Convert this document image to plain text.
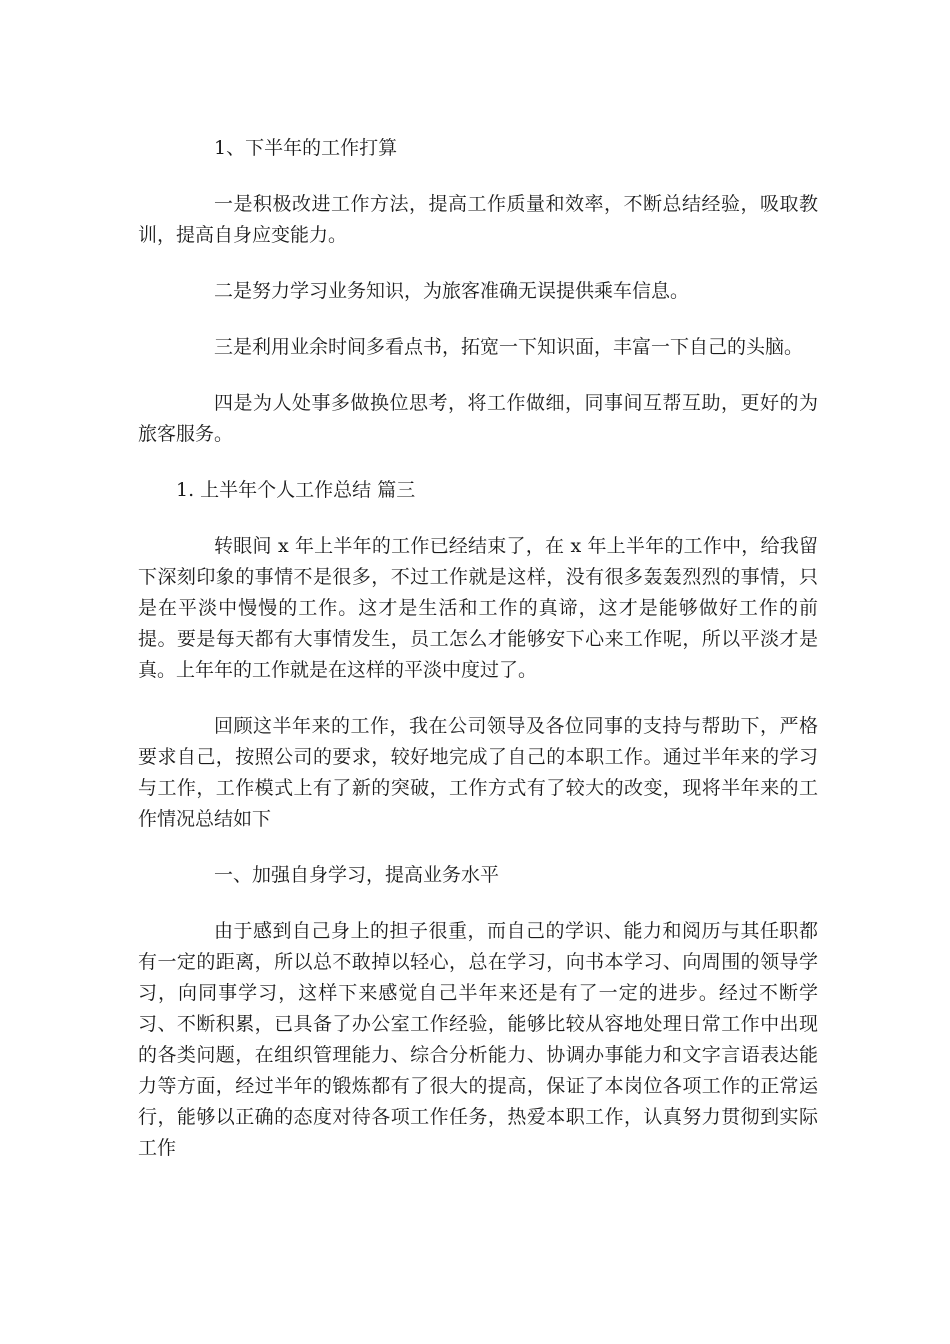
1、下半年的工作打算

一是积极改进工作方法，提高工作质量和效率，不断总结经验，吸取教训，提高自身应变能力。

二是努力学习业务知识，为旅客准确无误提供乘车信息。

三是利用业余时间多看点书，拓宽一下知识面，丰富一下自己的头脑。

四是为人处事多做换位思考，将工作做细，同事间互帮互助，更好的为旅客服务。

1. 上半年个人工作总结 篇三

转眼间 x 年上半年的工作已经结束了，在 x 年上半年的工作中，给我留下深刻印象的事情不是很多，不过工作就是这样，没有很多轰轰烈烈的事情，只是在平淡中慢慢的工作。这才是生活和工作的真谛，这才是能够做好工作的前提。要是每天都有大事情发生，员工怎么才能够安下心来工作呢，所以平淡才是真。上年年的工作就是在这样的平淡中度过了。

回顾这半年来的工作，我在公司领导及各位同事的支持与帮助下，严格要求自己，按照公司的要求，较好地完成了自己的本职工作。通过半年来的学习与工作，工作模式上有了新的突破，工作方式有了较大的改变，现将半年来的工作情况总结如下

一、加强自身学习，提高业务水平

由于感到自己身上的担子很重，而自己的学识、能力和阅历与其任职都有一定的距离，所以总不敢掉以轻心，总在学习，向书本学习、向周围的领导学习，向同事学习，这样下来感觉自己半年来还是有了一定的进步。经过不断学习、不断积累，已具备了办公室工作经验，能够比较从容地处理日常工作中出现的各类问题，在组织管理能力、综合分析能力、协调办事能力和文字言语表达能力等方面，经过半年的锻炼都有了很大的提高，保证了本岗位各项工作的正常运行，能够以正确的态度对待各项工作任务，热爱本职工作，认真努力贯彻到实际工作
